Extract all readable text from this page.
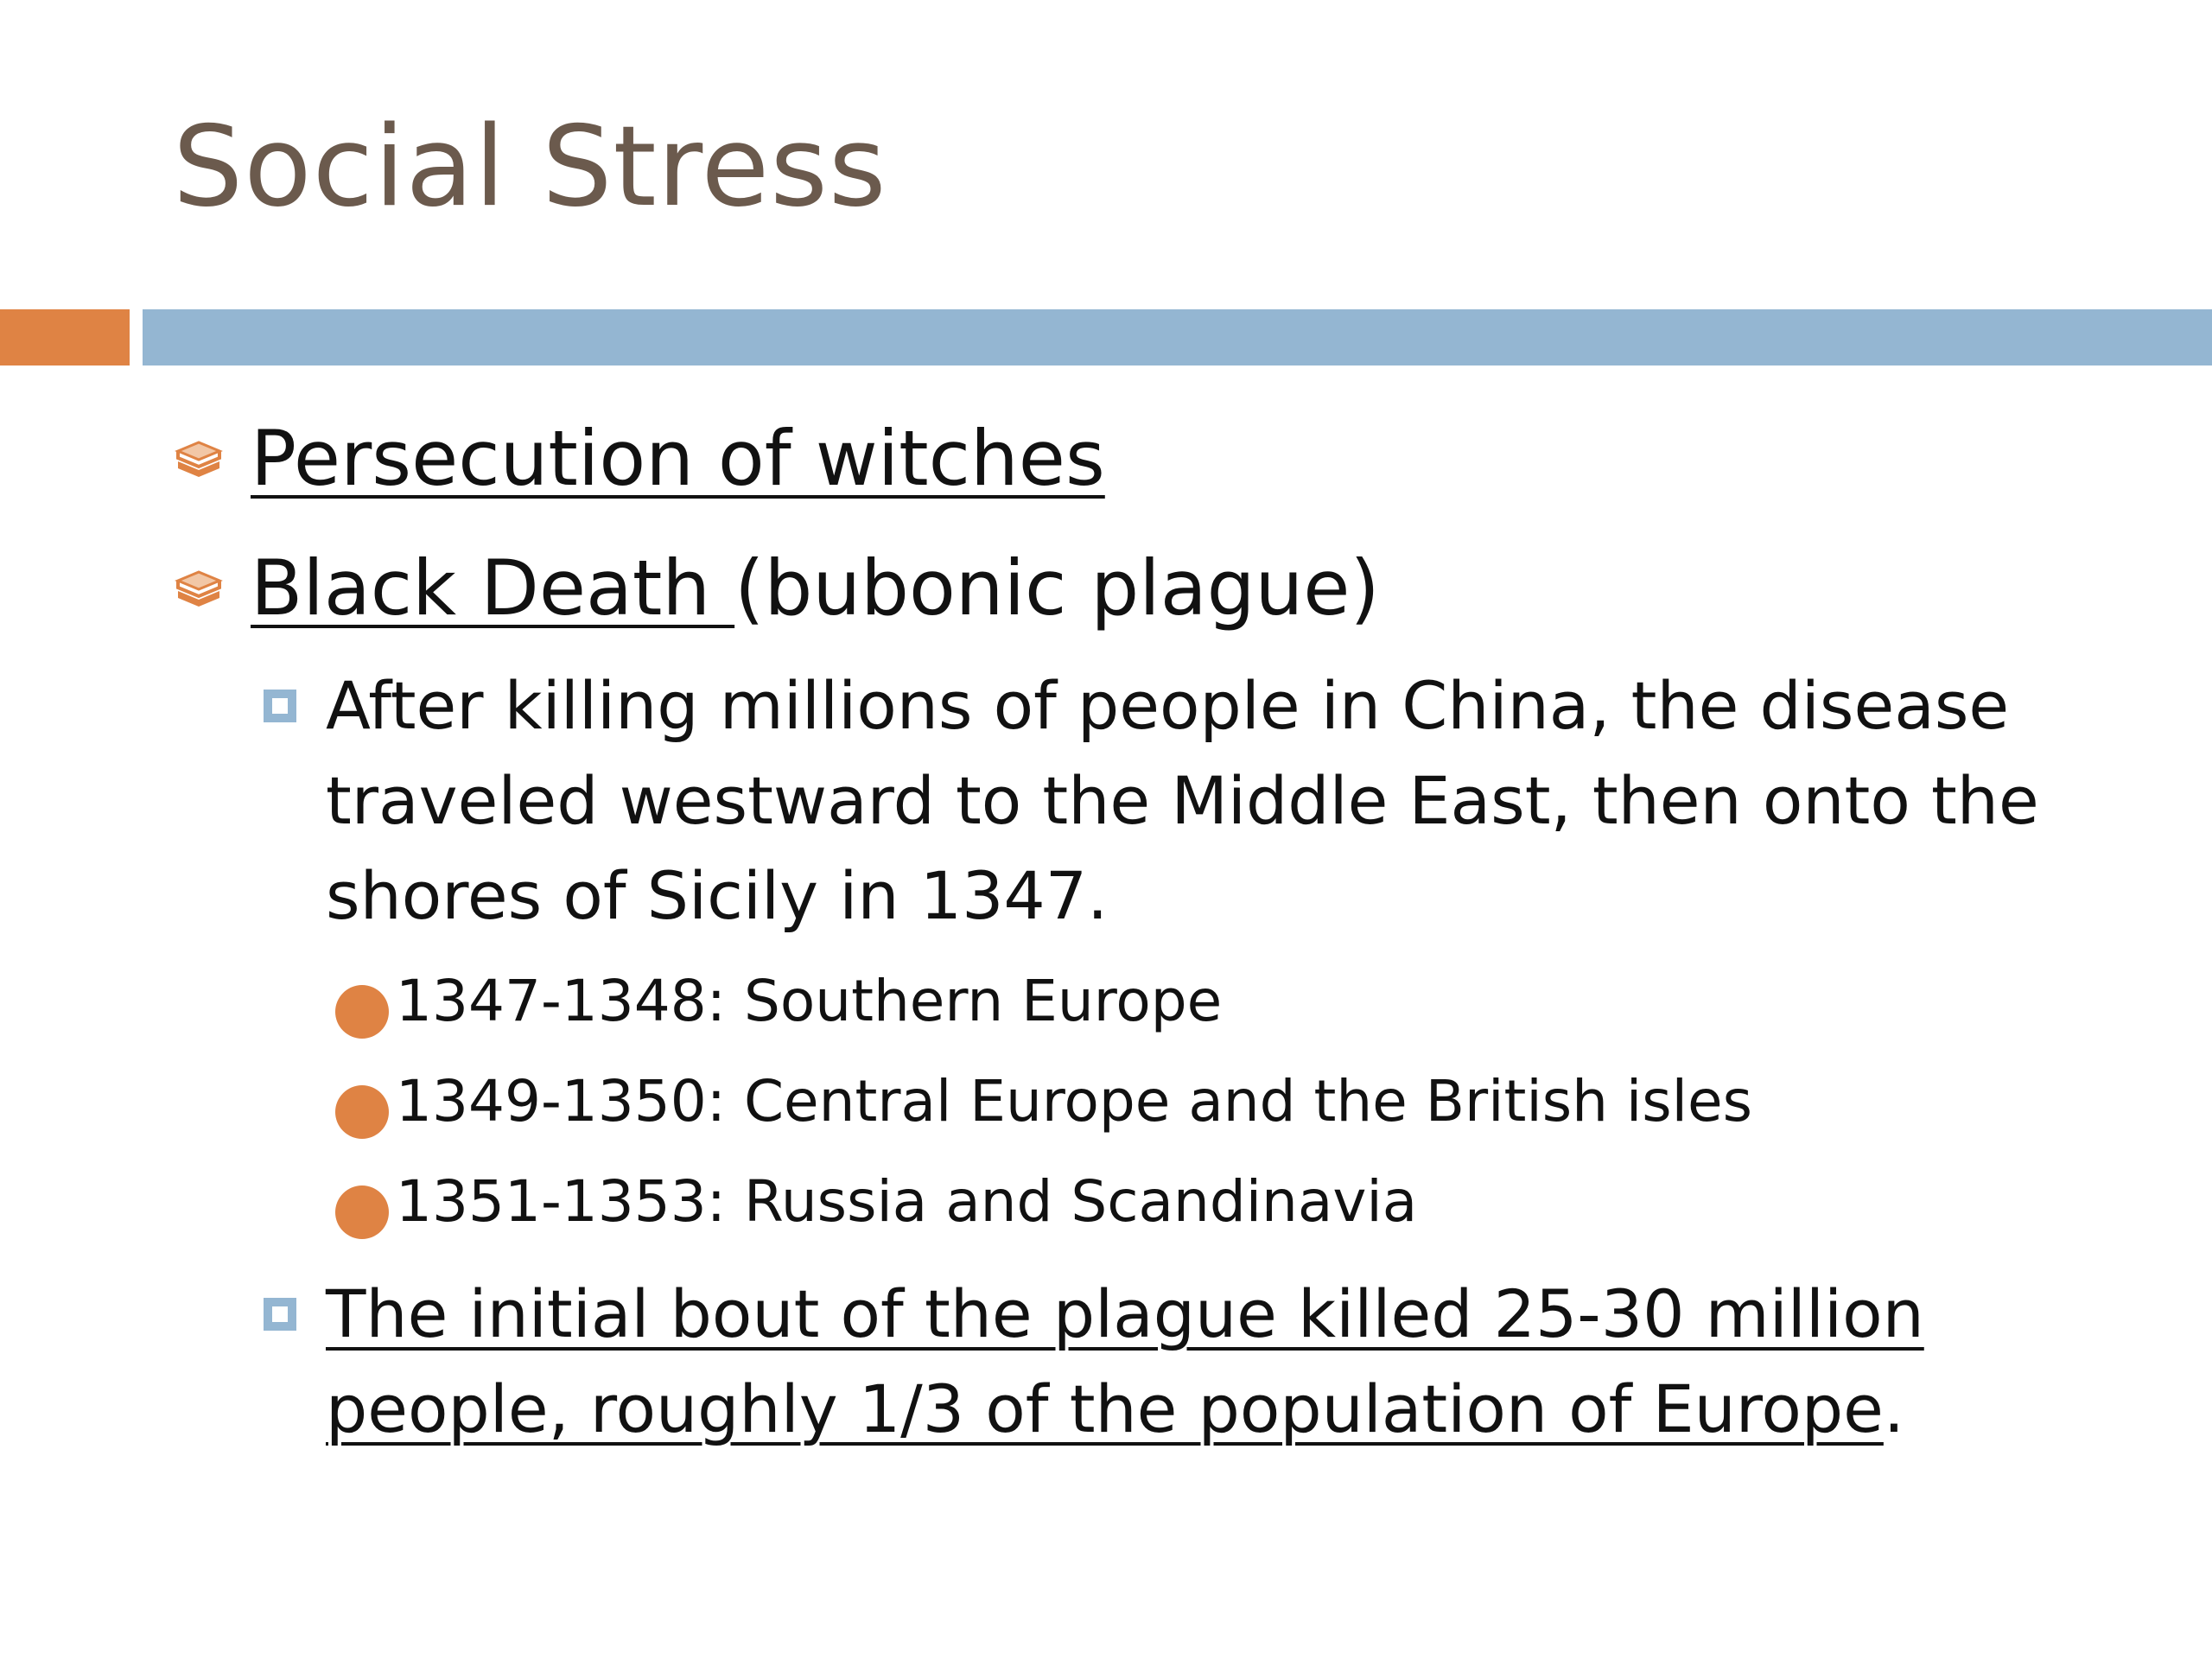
Social Stress
Persecution of witches
Black Death (bubonic plague)
After killing millions of people in China, the disease traveled westward to the Middle East, then onto the shores of Sicily in 1347.
1347-1348: Southern Europe
1349-1350: Central Europe and the British isles
1351-1353: Russia and Scandinavia
The initial bout of the plague killed 25-30 million people, roughly 1/3 of the population of Europe.
